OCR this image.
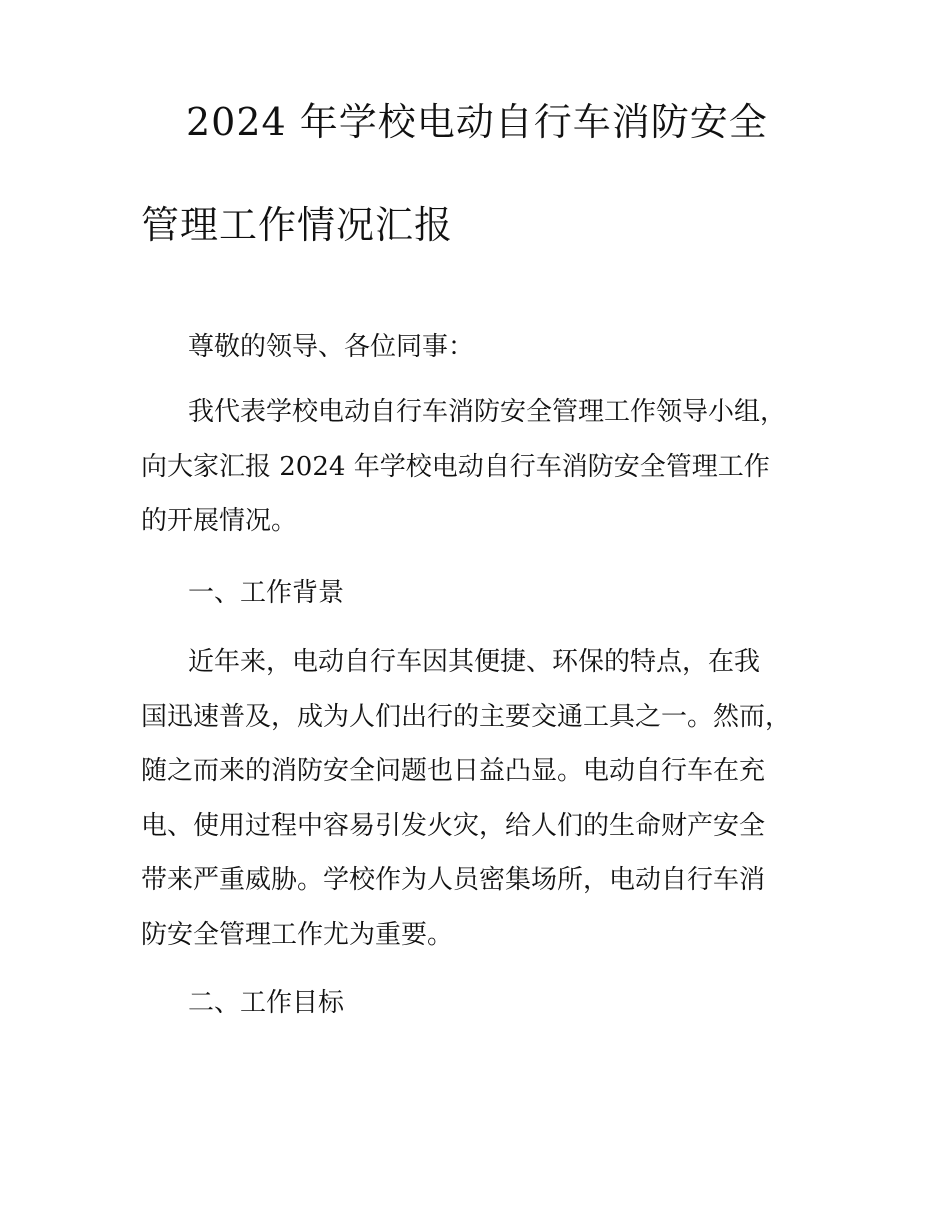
2024 年学校电动自行车消防安全
管理工作情况汇报
尊敬的领导、各位同事：
我代表学校电动自行车消防安全管理工作领导小组，
向大家汇报 2024 年学校电动自行车消防安全管理工作
的开展情况。
一、工作背景
近年来，电动自行车因其便捷、环保的特点，在我
国迅速普及，成为人们出行的主要交通工具之一。然而，
随之而来的消防安全问题也日益凸显。电动自行车在充
电、使用过程中容易引发火灾，给人们的生命财产安全
带来严重威胁。学校作为人员密集场所，电动自行车消
防安全管理工作尤为重要。
二、工作目标
